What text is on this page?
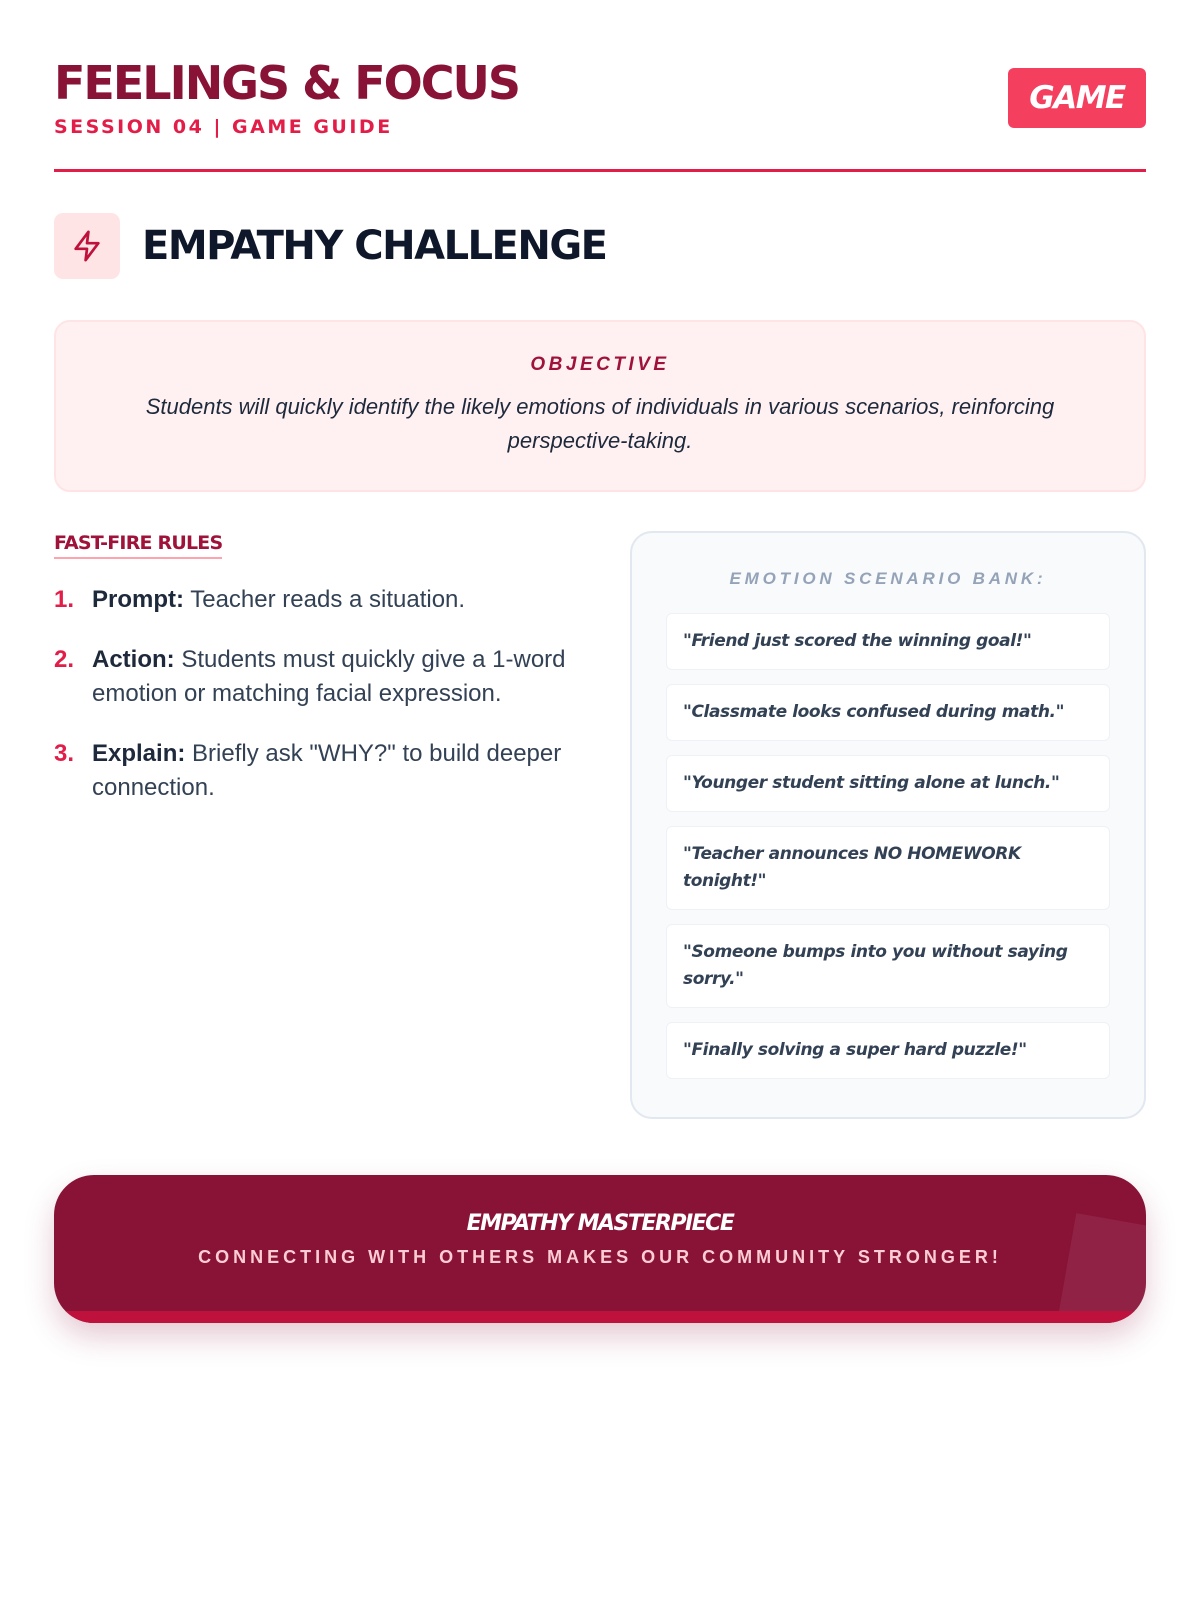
FEELINGS & FOCUS
SESSION 04 | GAME GUIDE
GAME
EMPATHY CHALLENGE
OBJECTIVE

Students will quickly identify the likely emotions of individuals in various scenarios, reinforcing perspective-taking.

FAST-FIRE RULES
1. Prompt: Teacher reads a situation.
2. Action: Students must quickly give a 1-word emotion or matching facial expression.
3. Explain: Briefly ask "WHY?" to build deeper connection.
EMOTION SCENARIO BANK:
"Friend just scored the winning goal!"
"Classmate looks confused during math."
"Younger student sitting alone at lunch."
"Teacher announces NO HOMEWORK tonight!"
"Someone bumps into you without saying sorry."
"Finally solving a super hard puzzle!"
EMPATHY MASTERPIECE
CONNECTING WITH OTHERS MAKES OUR COMMUNITY STRONGER!
